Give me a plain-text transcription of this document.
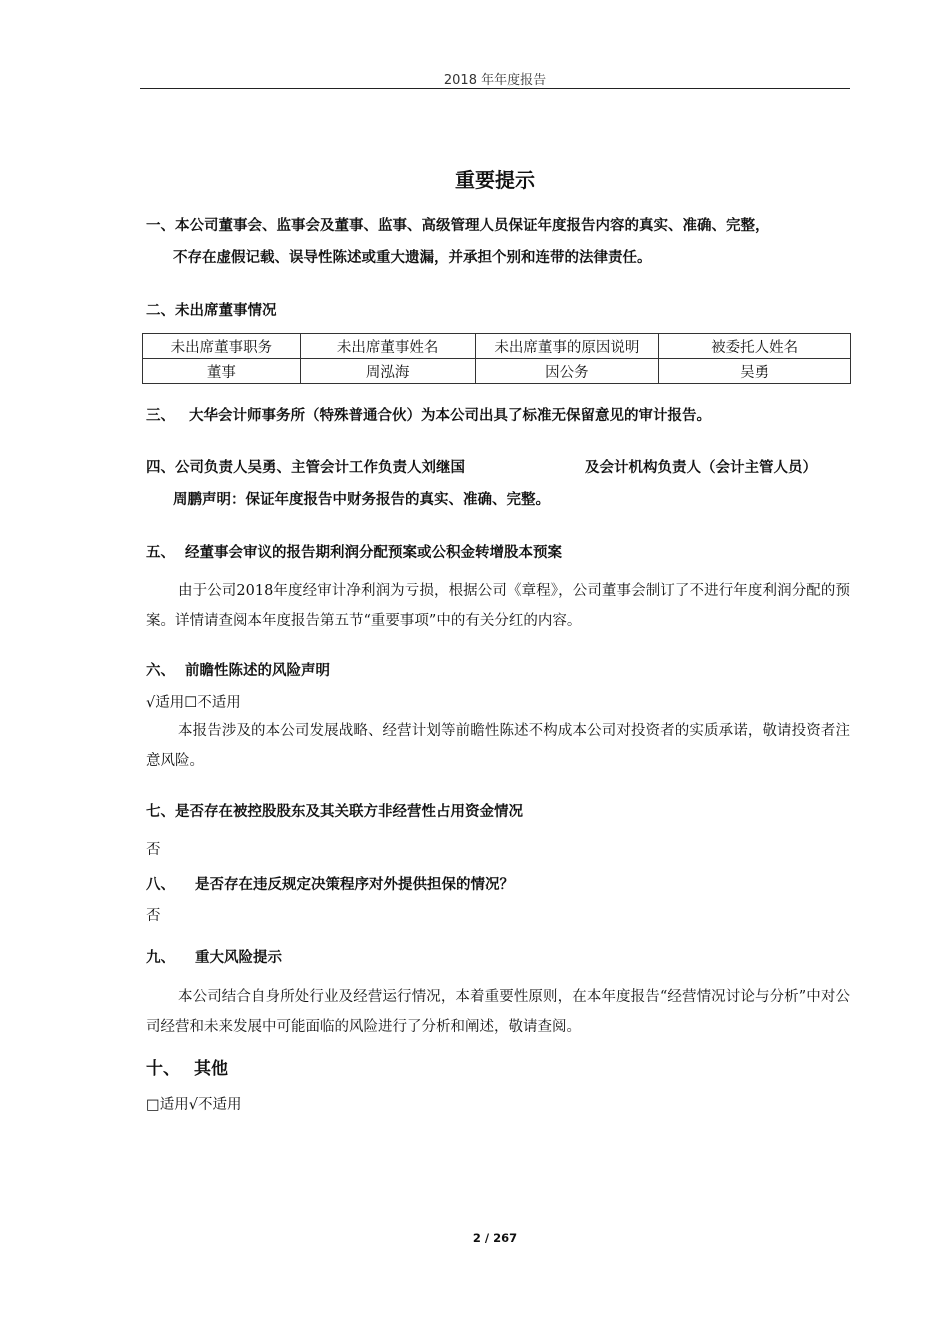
2018 年年度报告
重要提示
一、本公司董事会、监事会及董事、监事、高级管理人员保证年度报告内容的真实、准确、完整，
不存在虚假记载、误导性陈述或重大遗漏，并承担个别和连带的法律责任。
二、未出席董事情况
未出席董事职务	未出席董事姓名	未出席董事的原因说明	被委托人姓名
董事	周泓海	因公务	吴勇
三、 大华会计师事务所（特殊普通合伙）为本公司出具了标准无保留意见的审计报告。
四、公司负责人吴勇、主管会计工作负责人刘继国	及会计机构负责人（会计主管人员）
周鹏声明：保证年度报告中财务报告的真实、准确、完整。
五、 经董事会审议的报告期利润分配预案或公积金转增股本预案
由于公司2018年度经审计净利润为亏损，根据公司《章程》，公司董事会制订了不进行年度利润分配的预案。详情请查阅本年度报告第五节“重要事项”中的有关分红的内容。
六、 前瞻性陈述的风险声明
√适用☐不适用
本报告涉及的本公司发展战略、经营计划等前瞻性陈述不构成本公司对投资者的实质承诺，敬请投资者注意风险。
七、是否存在被控股股东及其关联方非经营性占用资金情况
否
八、 是否存在违反规定决策程序对外提供担保的情况？
否
九、 重大风险提示
本公司结合自身所处行业及经营运行情况，本着重要性原则，在本年度报告“经营情况讨论与分析”中对公司经营和未来发展中可能面临的风险进行了分析和阐述，敬请查阅。
十、 其他
□适用√不适用
2 / 267
